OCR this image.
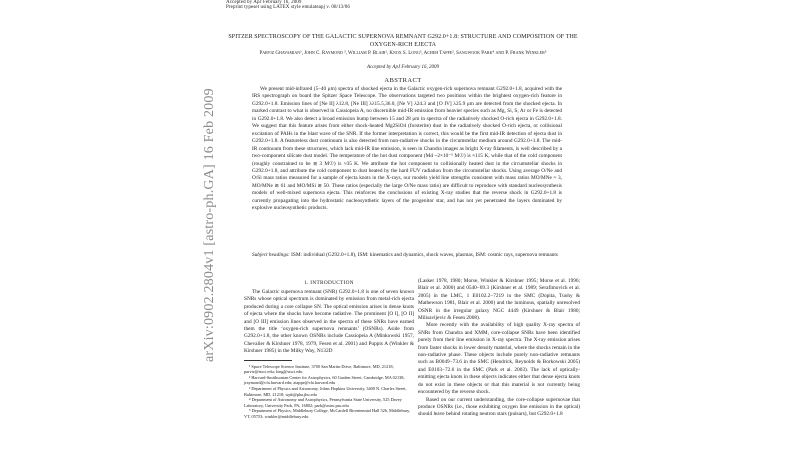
Accepted by ApJ February 16, 2009
Preprint typeset using LATEX style emulateapj v. 08/13/06
arXiv:0902.2804v1 [astro-ph.GA] 16 Feb 2009
SPITZER SPECTROSCOPY OF THE GALACTIC SUPERNOVA REMNANT G292.0+1.8: STRUCTURE AND COMPOSITION OF THE OXYGEN-RICH EJECTA
Parviz Ghavamian¹, John C. Raymond ², William P. Blair¹, Knox S. Long³, Acheh Tappe², Sangwook Park⁴ and P. Frank Winkler⁵
Accepted by ApJ February 16, 2009
ABSTRACT
We present mid-infrared (5–40 μm) spectra of shocked ejecta in the Galactic oxygen-rich supernova remnant G292.0+1.8, acquired with the IRS spectrograph on board the Spitzer Space Telescope. The observations targeted two positions within the brightest oxygen-rich feature in G292.0+1.8. Emission lines of [Ne II] λ12.8, [Ne III] λλ15.5,36.0, [Ne V] λ24.3 and [O IV] λ25.9 μm are detected from the shocked ejecta. In marked contrast to what is observed in Cassiopeia A, no discernible mid-IR emission from heavier species such as Mg, Si, S, Ar or Fe is detected in G292.0+1.8. We also detect a broad emission bump between 15 and 28 μm in spectra of the radiatively shocked O-rich ejecta in G292.0+1.8. We suggest that this feature arises from either shock-heated Mg2SiO4 (forsterite) dust in the radiatively shocked O-rich ejecta, or collisional excitation of PAHs in the blast wave of the SNR. If the former interpretation is correct, this would be the first mid-IR detection of ejecta dust in G292.0+1.8. A featureless dust continuum is also detected from non-radiative shocks in the circumstellar medium around G292.0+1.8. The mid-IR continuum from these structures, which lack mid-IR line emission, is seen in Chandra images as bright X-ray filaments, is well described by a two-component silicate dust model. The temperature of the hot dust component (Md ~2×10⁻⁵ M☉) is ≈115 K, while that of the cold component (roughly constrained to be ≲ 3 M☉) is ≈35 K. We attribute the hot component to collisionally heated dust in the circumstellar shocks in G292.0+1.8, and attribute the cold component to dust heated by the hard FUV radiation from the circumstellar shocks. Using average O/Ne and O/Si mass ratios measured for a sample of ejecta knots in the X-rays, our models yield line strengths consistent with mass ratios MO/MNe ≈ 3, MO/MNe ≳ 61 and MO/MSi ≳ 50. These ratios (especially the large O/Ne mass ratio) are difficult to reproduce with standard nucleosynthesis models of well-mixed supernova ejecta. This reinforces the conclusions of existing X-ray studies that the reverse shock in G292.0+1.8 is currently propagating into the hydrostatic nucleosynthetic layers of the progenitor star, and has not yet penetrated the layers dominated by explosive nucleosynthetic products.
Subject headings: ISM: individual (G292.0+1.8), ISM: kinematics and dynamics, shock waves, plasmas, ISM: cosmic rays, supernova remnants

1. INTRODUCTION

The Galactic supernova remnant (SNR) G292.0+1.8 is one of seven known SNRs whose optical spectrum is dominated by emission from metal-rich ejecta produced during a core collapse SN. The optical emission arises in dense knots of ejecta where the shocks have become radiative. The prominent [O I], [O II] and [O III] emission lines observed in the spectra of these SNRs have earned them the title ‘oxygen-rich supernova remnants’ (OSNRs). Aside from G292.0+1.8, the other known OSNRs include Cassiopeia A (Minkowski 1957, Chevalier & Kirshner 1978, 1979, Fesen et al. 2001) and Puppis A (Winkler & Kirshner 1985) in the Milky Way, N132D

¹ Space Telescope Science Institute, 3700 San Martin Drive, Baltimore, MD, 21218; parviz@stsci.edu; long@stsci.edu

² Harvard-Smithsonian Center for Astrophysics, 60 Garden Street, Cambridge, MA 02138; jraymond@cfa.harvard.edu; atappe@cfa.harvard.edu

³ Department of Physics and Astronomy, Johns Hopkins University, 3400 N. Charles Street, Baltimore, MD, 21218; wpb@pha.jhu.edu

⁴ Department of Astronomy and Astrophysics, Pennsylvania State University, 525 Davey Laboratory, University Park, PA, 16802; park@astro.psu.edu

⁵ Department of Physics, Middlebury College, McCardell Bicentennial Hall 526, Middlebury, VT, 05753; winkler@middlebury.edu

(Lasker 1978, 1980; Morse, Winkler & Kirshner 1995; Morse et al. 1996; Blair et al. 2000) and 0540−69.3 (Kirshner et al. 1989; Serafimovich et al. 2005) in the LMC, 1 E0102.2−7219 in the SMC (Dopita, Tuohy & Mathewson 1981, Blair et al. 2000) and the luminous, spatially unresolved OSNR in the irregular galaxy NGC 4449 (Kirshner & Blair 1980; Milisavljevic & Fesen 2008).

More recently with the availability of high quality X-ray spectra of SNRs from Chandra and XMM, core-collapse SNRs have been identified purely from their line emission in X-ray spectra. The X-ray emission arises from faster shocks in lower density material, where the shocks remain in the non-radiative phase. These objects include purely non-radiative remnants such as B0049−73.6 in the SMC (Hendrick, Reynolds & Borkowski 2005) and E0103−72.6 in the SMC (Park et al. 2003). The lack of optically-emitting ejecta knots in these objects indicates either that dense ejecta knots do not exist in these objects or that this material is not currently being encountered by the reverse shock.

Based on our current understanding, the core-collapse supernovae that produce OSNRs (i.e., those exhibiting oxygen line emission in the optical) should leave behind rotating neutron stars (pulsars), but G292.0+1.8
